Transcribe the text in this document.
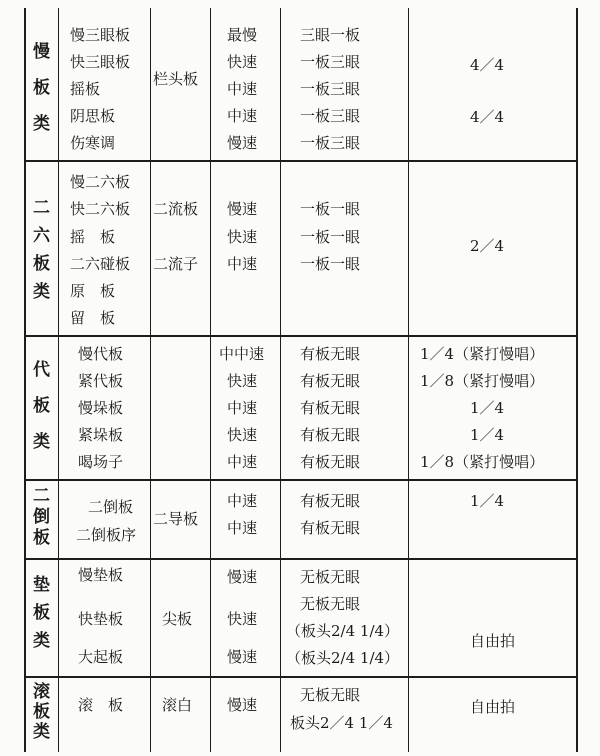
慢
板
类
慢三眼板
快三眼板
摇板
阴思板
伤寒调
栏头板
最慢
快速
中速
中速
慢速
三眼一板
一板三眼
一板三眼
一板三眼
一板三眼
4／4
4／4
二
六
板
类
慢二六板
快二六板
摇　板
二六碰板
原　板
留　板
二流板
二流子
慢速
快速
中速
一板一眼
一板一眼
一板一眼
2／4
代
板
类
慢代板
紧代板
慢垛板
紧垛板
喝场子
中中速
快速
中速
快速
中速
有板无眼
有板无眼
有板无眼
有板无眼
有板无眼
1／4（紧打慢唱）
1／8（紧打慢唱）
1／4
1／4
1／8（紧打慢唱）
二
倒
板
二倒板
二倒板序
二导板
中速
中速
有板无眼
有板无眼
1／4
垫
板
类
慢垫板
快垫板
大起板
尖板
慢速
快速
慢速
无板无眼
无板无眼
（板头2/4 1/4）
（板头2/4 1/4）
自由拍
滚
板
类
滚　板	滚白 慢速
无板无眼
板头2／4 1／4
自由拍
